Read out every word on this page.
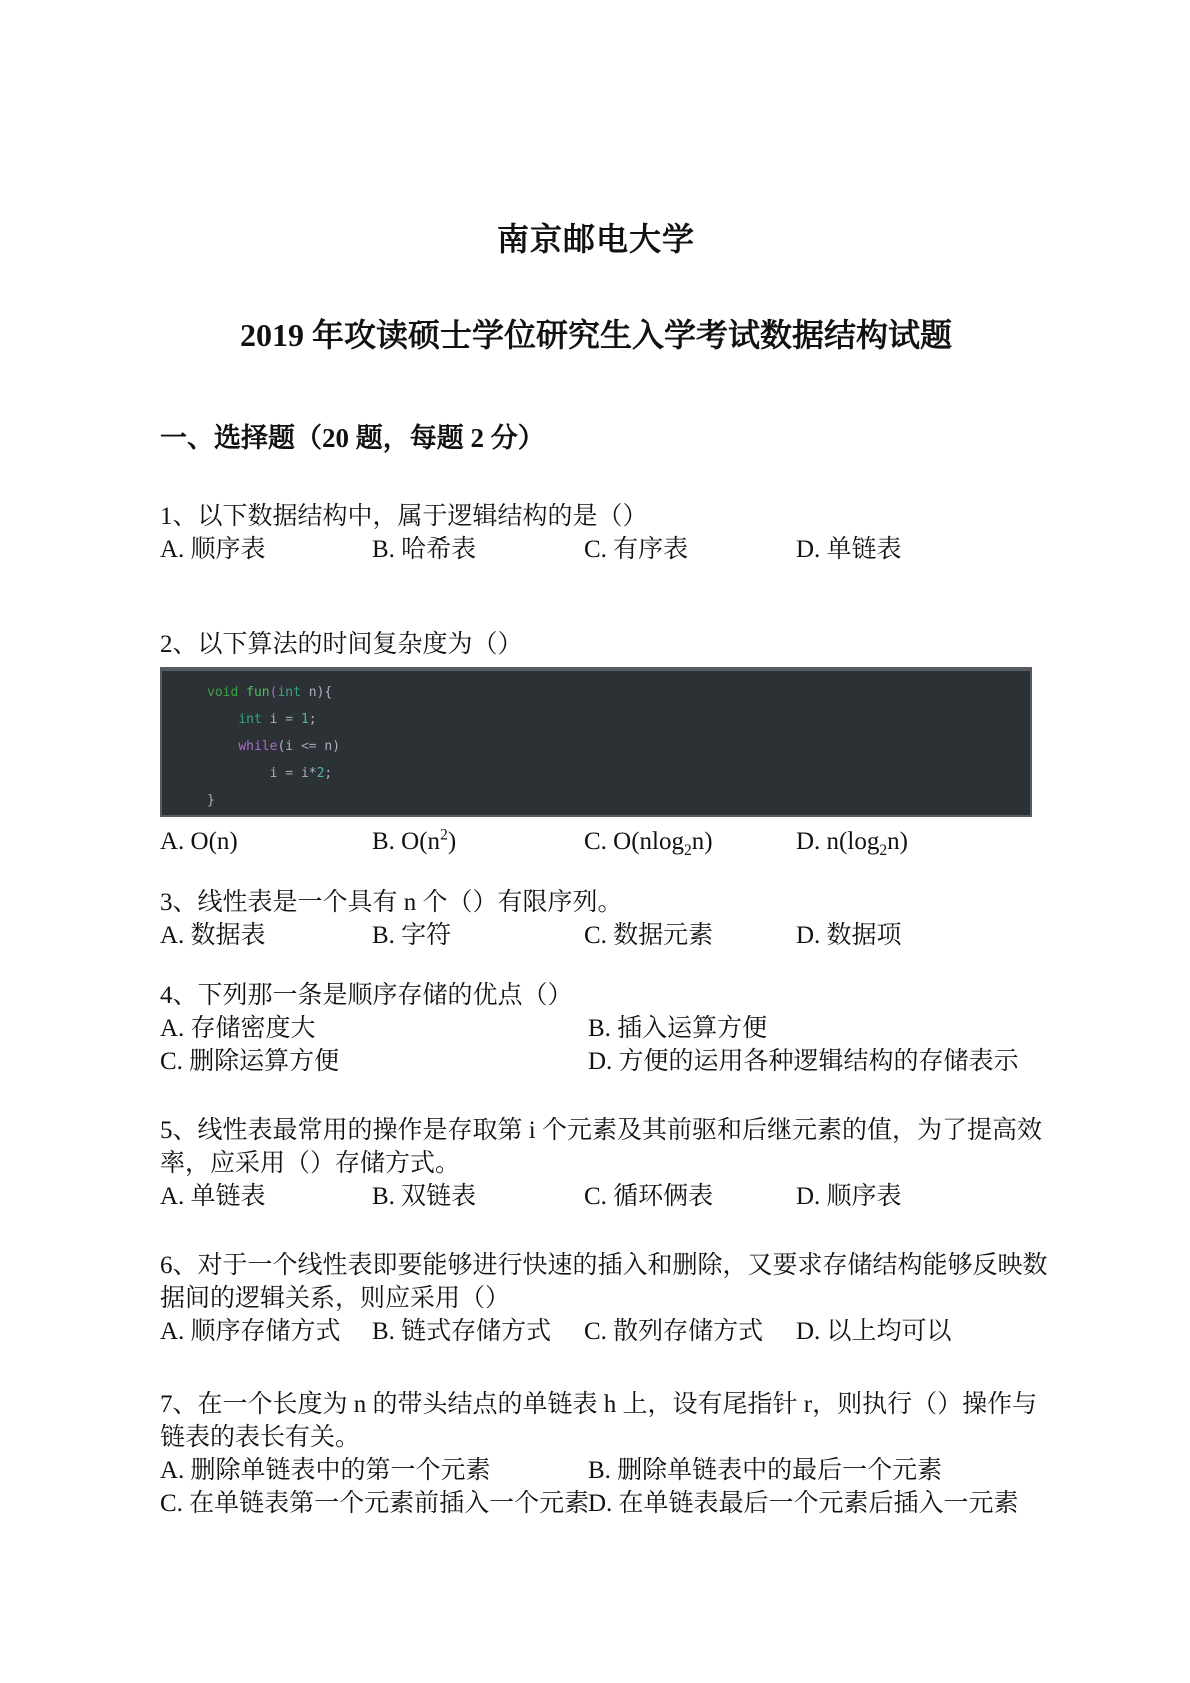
南京邮电大学
2019 年攻读硕士学位研究生入学考试数据结构试题
一、选择题（20 题，每题 2 分）
1、以下数据结构中，属于逻辑结构的是（）
A. 顺序表	B. 哈希表	C. 有序表	D. 单链表
2、以下算法的时间复杂度为（）
void fun(int n){
int i = 1;
while(i <= n)
i = i*2;
}
A. O(n)	B. $O(n^2)$	C. O(nlog$_2$n)	D. $n(\log_2n)$
3、线性表是一个具有 n 个（）有限序列。
A. 数据表	B. 字符	C. 数据元素	D. 数据项
4、下列那一条是顺序存储的优点（）
A. 存储密度大	B. 插入运算方便
C. 删除运算方便	D. 方便的运用各种逻辑结构的存储表示
5、线性表最常用的操作是存取第 i 个元素及其前驱和后继元素的值，为了提高效
率，应采用（）存储方式。
A. 单链表	B. 双链表	C. 循环俩表	D. 顺序表
6、对于一个线性表即要能够进行快速的插入和删除，又要求存储结构能够反映数
据间的逻辑关系，则应采用（）
A. 顺序存储方式	B. 链式存储方式	C. 散列存储方式	D. 以上均可以
7、在一个长度为 n 的带头结点的单链表 h 上，设有尾指针 r，则执行（）操作与
链表的表长有关。
A. 删除单链表中的第一个元素	B. 删除单链表中的最后一个元素
C. 在单链表第一个元素前插入一个元素
D. 在单链表最后一个元素后插入一元素
